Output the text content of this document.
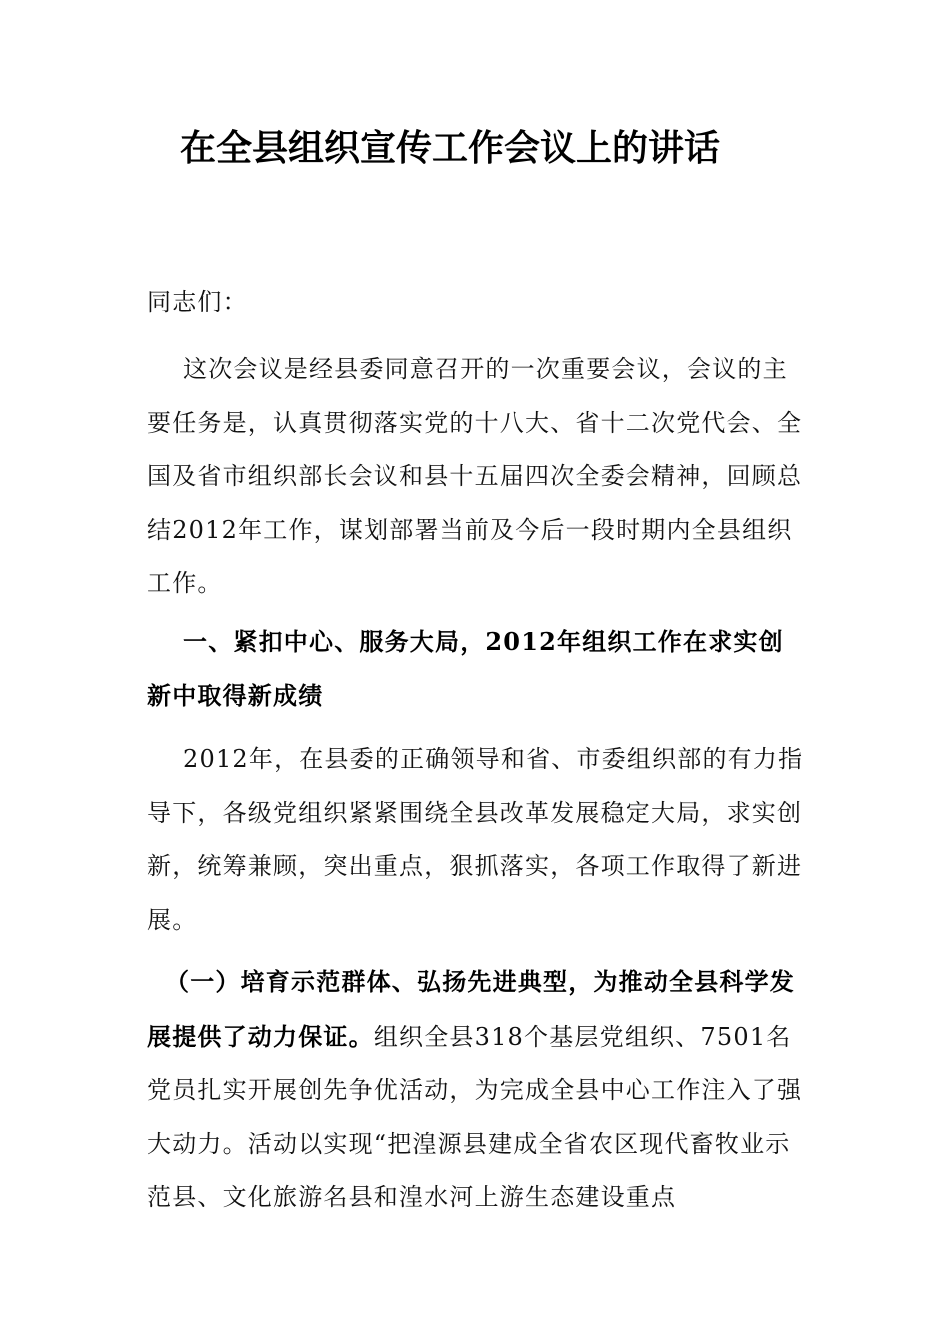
在全县组织宣传工作会议上的讲话
同志们：
这次会议是经县委同意召开的一次重要会议，会议的主要任务是，认真贯彻落实党的十八大、省十二次党代会、全国及省市组织部长会议和县十五届四次全委会精神，回顾总结2012年工作，谋划部署当前及今后一段时期内全县组织工作。
一、紧扣中心、服务大局，2012年组织工作在求实创新中取得新成绩
2012年，在县委的正确领导和省、市委组织部的有力指导下，各级党组织紧紧围绕全县改革发展稳定大局，求实创新，统筹兼顾，突出重点，狠抓落实，各项工作取得了新进展。
（一）培育示范群体、弘扬先进典型，为推动全县科学发展提供了动力保证。组织全县318个基层党组织、7501名党员扎实开展创先争优活动，为完成全县中心工作注入了强大动力。活动以实现“把湟源县建成全省农区现代畜牧业示范县、文化旅游名县和湟水河上游生态建设重点
